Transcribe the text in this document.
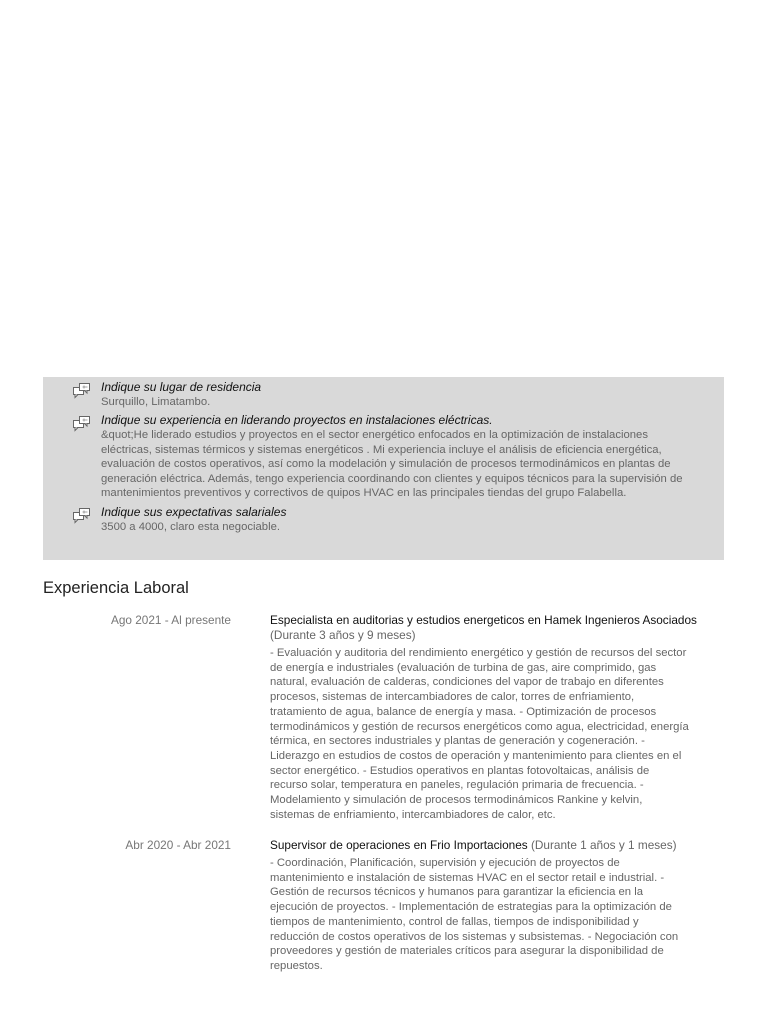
Indique su lugar de residencia
Surquillo, Limatambo.
Indique su experiencia en liderando proyectos en instalaciones eléctricas.
&quot;He liderado estudios y proyectos en el sector energético enfocados en la optimización de instalaciones
eléctricas, sistemas térmicos y sistemas energéticos . Mi experiencia incluye el análisis de eficiencia energética,
evaluación de costos operativos, así como la modelación y simulación de procesos termodinámicos en plantas de
generación eléctrica. Además, tengo experiencia coordinando con clientes y equipos técnicos para la supervisión de
mantenimientos preventivos y correctivos de quipos HVAC en las principales tiendas del grupo Falabella.
Indique sus expectativas salariales
3500 a 4000, claro esta negociable.
Experiencia Laboral
Ago 2021 - Al presente	Especialista en auditorias y estudios energeticos en Hamek Ingenieros Asociados
(Durante 3 años y 9 meses)
- Evaluación y auditoria del rendimiento energético y gestión de recursos del sector
de energía e industriales (evaluación de turbina de gas, aire comprimido, gas
natural, evaluación de calderas, condiciones del vapor de trabajo en diferentes
procesos, sistemas de intercambiadores de calor, torres de enfriamiento,
tratamiento de agua, balance de energía y masa. - Optimización de procesos
termodinámicos y gestión de recursos energéticos como agua, electricidad, energía
térmica, en sectores industriales y plantas de generación y cogeneración. -
Liderazgo en estudios de costos de operación y mantenimiento para clientes en el
sector energético. - Estudios operativos en plantas fotovoltaicas, análisis de
recurso solar, temperatura en paneles, regulación primaria de frecuencia. -
Modelamiento y simulación de procesos termodinámicos Rankine y kelvin,
sistemas de enfriamiento, intercambiadores de calor, etc.
Abr 2020 - Abr 2021	Supervisor de operaciones en Frio Importaciones (Durante 1 años y 1 meses)
- Coordinación, Planificación, supervisión y ejecución de proyectos de
mantenimiento e instalación de sistemas HVAC en el sector retail e industrial. -
Gestión de recursos técnicos y humanos para garantizar la eficiencia en la
ejecución de proyectos. - Implementación de estrategias para la optimización de
tiempos de mantenimiento, control de fallas, tiempos de indisponibilidad y
reducción de costos operativos de los sistemas y subsistemas. - Negociación con
proveedores y gestión de materiales críticos para asegurar la disponibilidad de
repuestos.
